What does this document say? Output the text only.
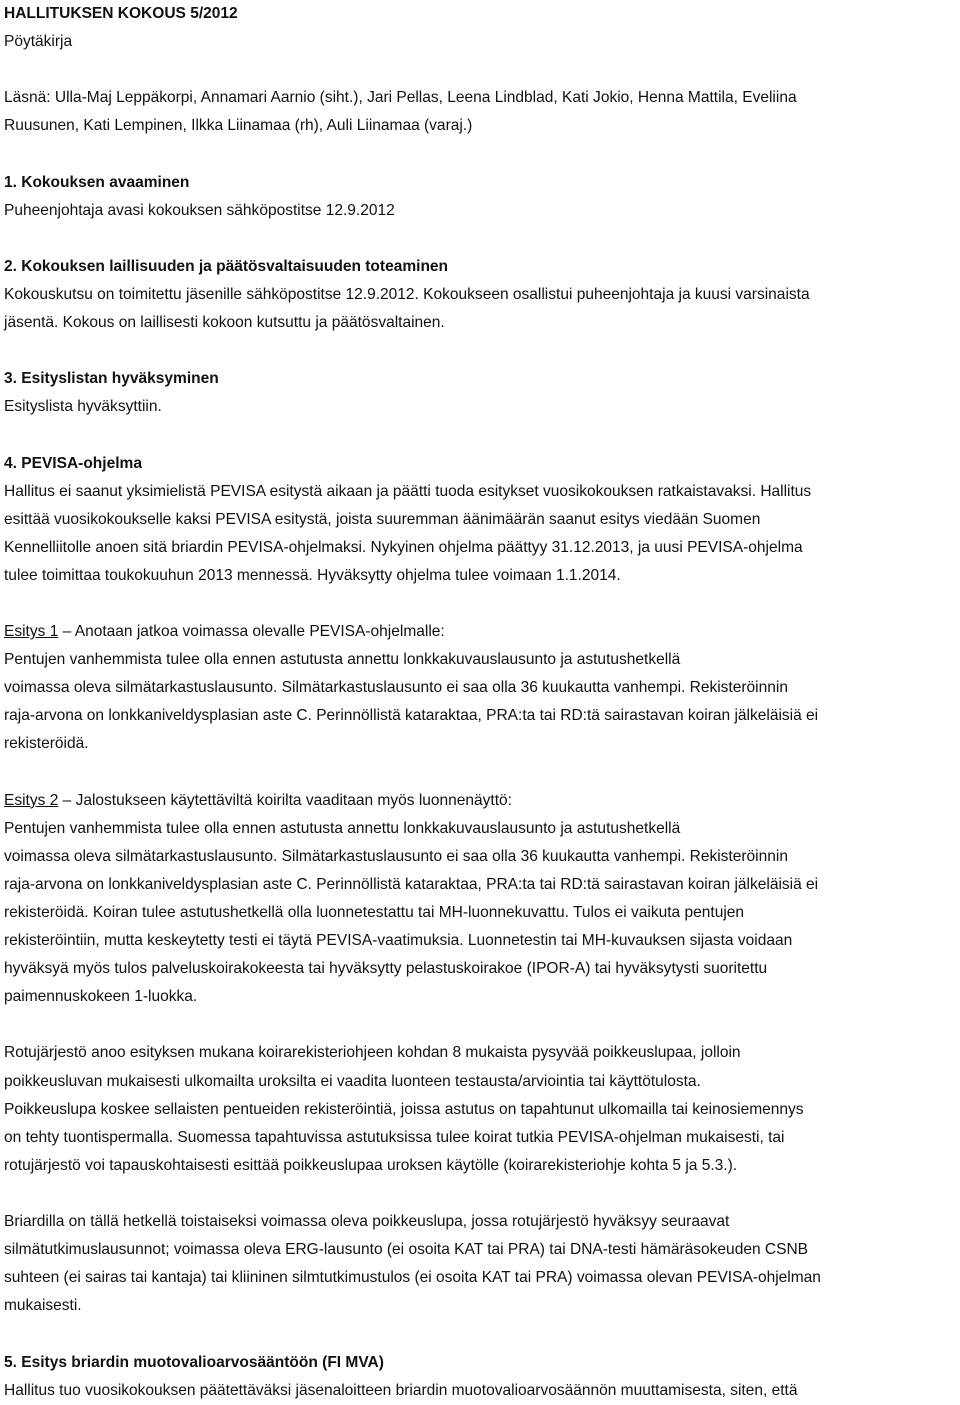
HALLITUKSEN KOKOUS 5/2012
Pöytäkirja
Läsnä: Ulla-Maj Leppäkorpi, Annamari Aarnio (siht.), Jari Pellas, Leena Lindblad, Kati Jokio, Henna Mattila, Eveliina
Ruusunen, Kati Lempinen, Ilkka Liinamaa (rh), Auli Liinamaa (varaj.)
1. Kokouksen avaaminen
Puheenjohtaja avasi kokouksen sähköpostitse 12.9.2012
2. Kokouksen laillisuuden ja päätösvaltaisuuden toteaminen
Kokouskutsu on toimitettu jäsenille sähköpostitse 12.9.2012. Kokoukseen osallistui puheenjohtaja ja kuusi varsinaista
jäsentä. Kokous on laillisesti kokoon kutsuttu ja päätösvaltainen.
3. Esityslistan hyväksyminen
Esityslista hyväksyttiin.
4. PEVISA-ohjelma
Hallitus ei saanut yksimielistä PEVISA esitystä aikaan ja päätti tuoda esitykset vuosikokouksen ratkaistavaksi. Hallitus
esittää vuosikokoukselle kaksi PEVISA esitystä, joista suuremman äänimäärän saanut esitys viedään Suomen
Kennelliitolle anoen sitä briardin PEVISA-ohjelmaksi. Nykyinen ohjelma päättyy 31.12.2013, ja uusi PEVISA-ohjelma
tulee toimittaa toukokuuhun 2013 mennessä. Hyväksytty ohjelma tulee voimaan 1.1.2014.
Esitys 1 – Anotaan jatkoa voimassa olevalle PEVISA-ohjelmalle:
Pentujen vanhemmista tulee olla ennen astutusta annettu lonkkakuvauslausunto ja astutushetkellä
voimassa oleva silmätarkastuslausunto. Silmätarkastuslausunto ei saa olla 36 kuukautta vanhempi. Rekisteröinnin
raja-arvona on lonkkaniveldysplasian aste C. Perinnöllistä kataraktaa, PRA:ta tai RD:tä sairastavan koiran jälkeläisiä ei
rekisteröidä.
Esitys 2 – Jalostukseen käytettäviltä koirilta vaaditaan myös luonnenäyttö:
Pentujen vanhemmista tulee olla ennen astutusta annettu lonkkakuvauslausunto ja astutushetkellä
voimassa oleva silmätarkastuslausunto. Silmätarkastuslausunto ei saa olla 36 kuukautta vanhempi. Rekisteröinnin
raja-arvona on lonkkaniveldysplasian aste C. Perinnöllistä kataraktaa, PRA:ta tai RD:tä sairastavan koiran jälkeläisiä ei
rekisteröidä. Koiran tulee astutushetkellä olla luonnetestattu tai MH-luonnekuvattu. Tulos ei vaikuta pentujen
rekisteröintiin, mutta keskeytetty testi ei täytä PEVISA-vaatimuksia. Luonnetestin tai MH-kuvauksen sijasta voidaan
hyväksyä myös tulos palveluskoirakokeesta tai hyväksytty pelastuskoirakoe (IPOR-A) tai hyväksytysti suoritettu
paimennuskokeen 1-luokka.
Rotujärjestö anoo esityksen mukana koirarekisteriohjeen kohdan 8 mukaista pysyvää poikkeuslupaa, jolloin
poikkeusluvan mukaisesti ulkomailta uroksilta ei vaadita luonteen testausta/arviointia tai käyttötulosta.
Poikkeuslupa koskee sellaisten pentueiden rekisteröintiä, joissa astutus on tapahtunut ulkomailla tai keinosiemennys
on tehty tuontispermalla. Suomessa tapahtuvissa astutuksissa tulee koirat tutkia PEVISA-ohjelman mukaisesti, tai
rotujärjestö voi tapauskohtaisesti esittää poikkeuslupaa uroksen käytölle (koirarekisteriohje kohta 5 ja 5.3.).
Briardilla on tällä hetkellä toistaiseksi voimassa oleva poikkeuslupa, jossa rotujärjestö hyväksyy seuraavat
silmätutkimuslausunnot; voimassa oleva ERG-lausunto (ei osoita KAT tai PRA) tai DNA-testi hämäräsokeuden CSNB
suhteen (ei sairas tai kantaja) tai kliininen silmtutkimustulos (ei osoita KAT tai PRA) voimassa olevan PEVISA-ohjelman
mukaisesti.
5. Esitys briardin muotovalioarvosääntöön (FI MVA)
Hallitus tuo vuosikokouksen päätettäväksi jäsenaloitteen briardin muotovalioarvosäännön muuttamisesta, siten, että
